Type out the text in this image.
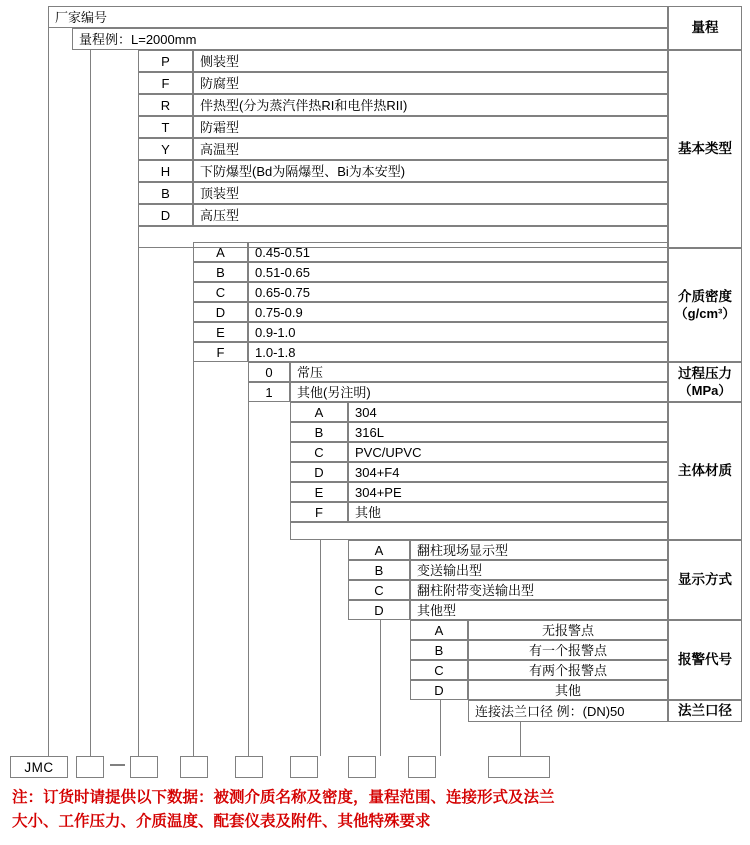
厂家编号
量程例：L=2000mm
量程
P 侧装型
F 防腐型
R 伴热型(分为蒸汽伴热RI和电伴热RII)
T 防霜型
Y 高温型
H 下防爆型(Bd为隔爆型、Bi为本安型)
B 顶装型
D 高压型
基本类型
A 0.45-0.51
B 0.51-0.65
C 0.65-0.75
D 0.75-0.9
E 0.9-1.0
F 1.0-1.8
介质密度
（g/cm³）
0 常压
1 其他(另注明)
过程压力
（MPa）
A 304
B 316L
C PVC/UPVC
D 304+F4
E 304+PE
F 其他
主体材质
A	翻柱现场显示型
B	变送输出型
C	翻柱附带变送输出型
D	其他型
显示方式
A	无报警点
B	有一个报警点
C	有两个报警点
D	其他
报警代号
连接法兰口径 例：(DN)50	法兰口径
JMC	—
注：订货时请提供以下数据：被测介质名称及密度，量程范围、连接形式及法兰
大小、工作压力、介质温度、配套仪表及附件、其他特殊要求
